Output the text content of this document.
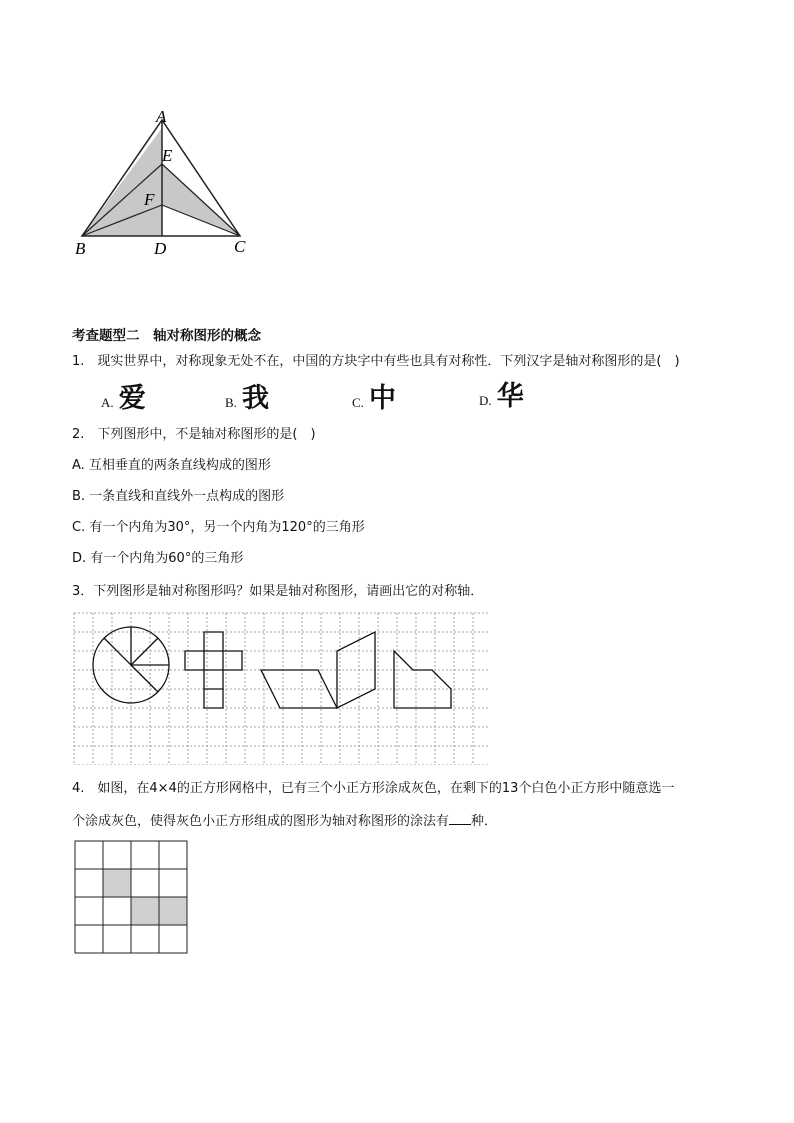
A
E
F
B	D	C
考查题型二　轴对称图形的概念
1.　现实世界中，对称现象无处不在，中国的方块字中有些也具有对称性．下列汉字是轴对称图形的是(　)
A. 爱	B. 我	C. 中	D. 华
2.　下列图形中，不是轴对称图形的是(　)
A. 互相垂直的两条直线构成的图形
B. 一条直线和直线外一点构成的图形
C. 有一个内角为30°，另一个内角为120°的三角形
D. 有一个内角为60°的三角形
3．下列图形是轴对称图形吗？如果是轴对称图形，请画出它的对称轴．
4.　如图，在4×4的正方形网格中，已有三个小正方形涂成灰色，在剩下的13个白色小正方形中随意选一
个涂成灰色，使得灰色小正方形组成的图形为轴对称图形的涂法有 种．
